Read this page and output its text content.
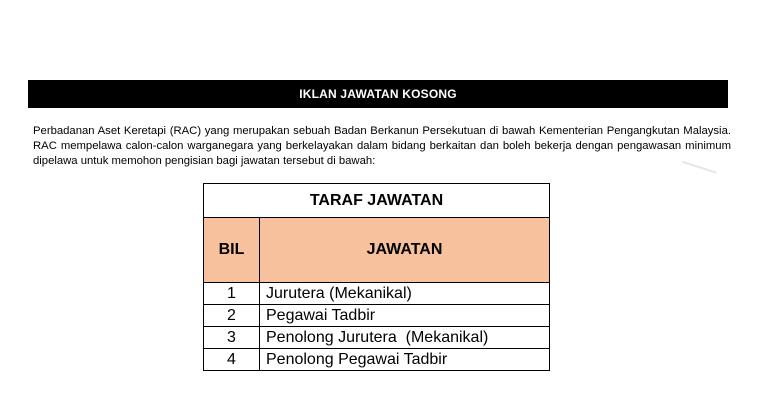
IKLAN JAWATAN KOSONG

Perbadanan Aset Keretapi (RAC) yang merupakan sebuah Badan Berkanun Persekutuan di bawah Kementerian Pengangkutan Malaysia. RAC mempelawa calon-calon warganegara yang berkelayakan dalam bidang berkaitan dan boleh bekerja dengan pengawasan minimum dipelawa untuk memohon pengisian bagi jawatan tersebut di bawah:

TARAF JAWATAN	
BIL	JAWATAN
1	Jurutera (Mekanikal)
2	Pegawai Tadbir
3	Penolong Jurutera  (Mekanikal)
4	Penolong Pegawai Tadbir
